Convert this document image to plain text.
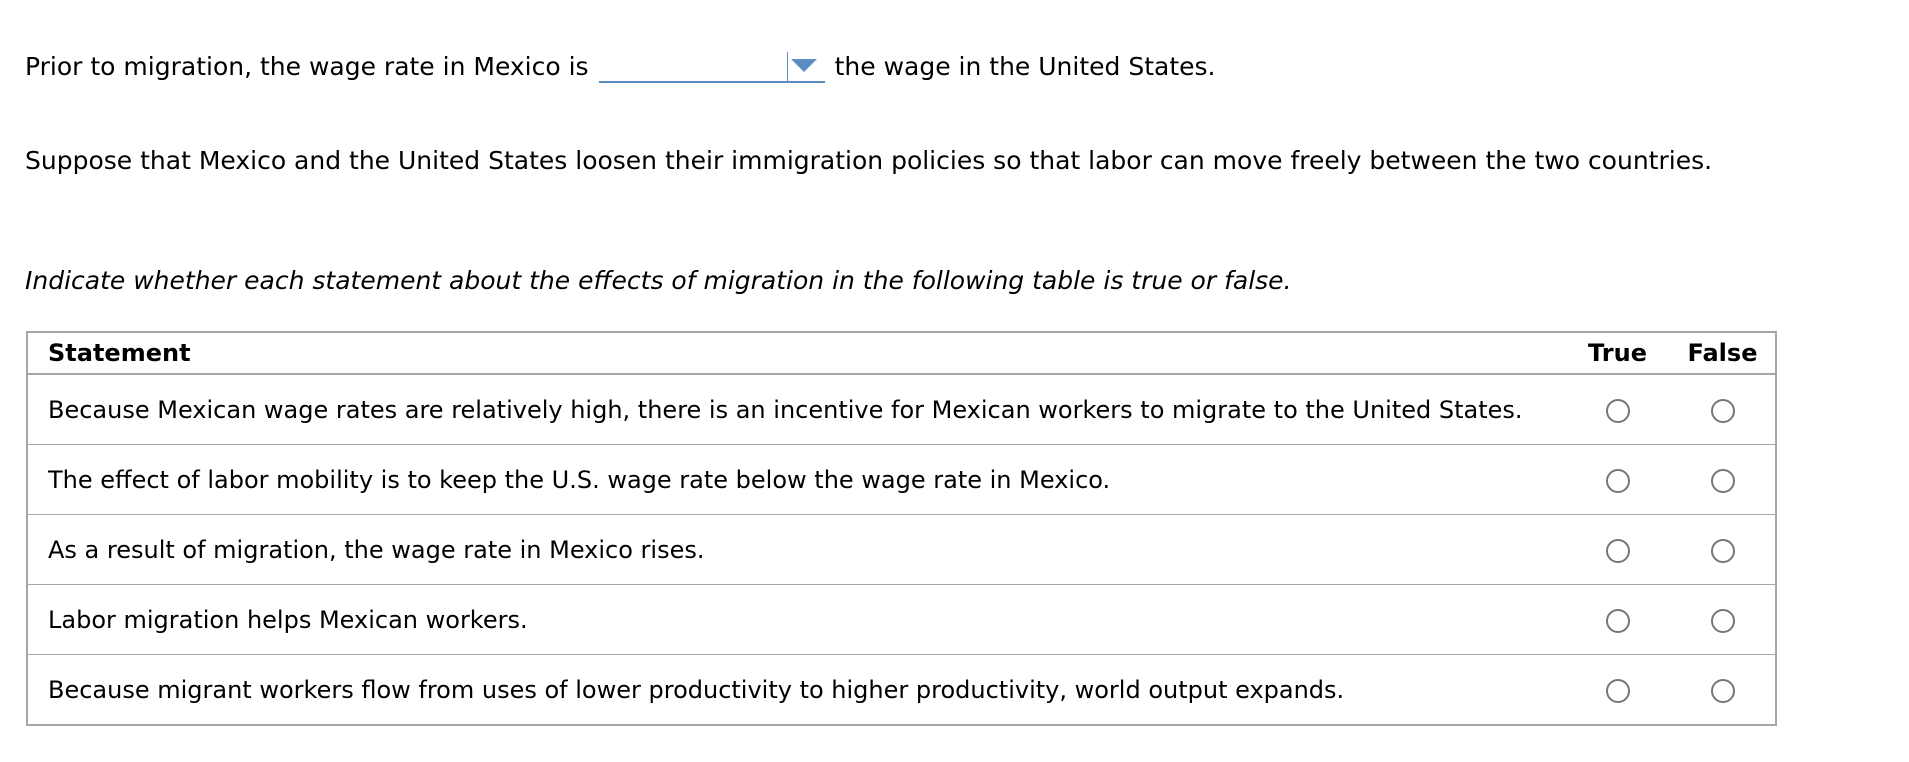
Prior to migration, the wage rate in Mexico is	the wage in the United States.
Suppose that Mexico and the United States loosen their immigration policies so that labor can move freely between the two countries.
Indicate whether each statement about the effects of migration in the following table is true or false.
Statement	True	False
Because Mexican wage rates are relatively high, there is an incentive for Mexican workers to migrate to the United States.		
The effect of labor mobility is to keep the U.S. wage rate below the wage rate in Mexico.		
As a result of migration, the wage rate in Mexico rises.		
Labor migration helps Mexican workers.		
Because migrant workers flow from uses of lower productivity to higher productivity, world output expands.		
